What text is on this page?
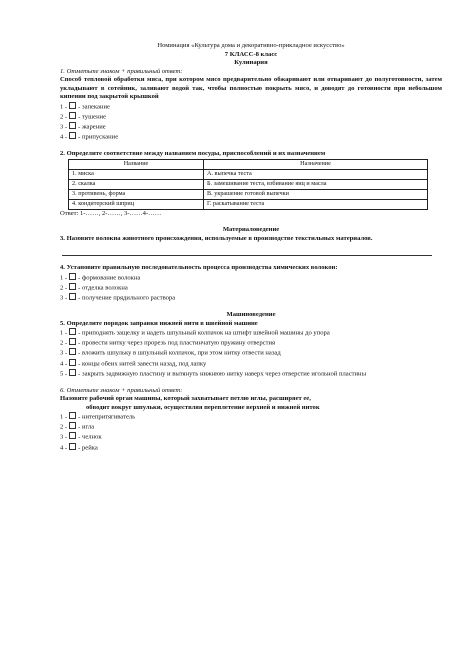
Номинация «Культура дома и декоративно-прикладное искусство»

7 КЛАСС-8 класс

Кулинария

1. Отметьте знаком + правильный ответ:

Способ тепловой обработки мяса, при котором мясо предварительно обжаривают или отваривают до полуготовности, затем укладывают в сотейник, заливают водой так, чтобы полностью покрыть мясо, и доводят до готовности при небольшом кипении под закрытой крышкой

1 - - запекание

2 - - тушение

3 - - жарение

4 - - припускание

2. Определите соответствие между названием посуды, приспособлений и их назначением

Название	Назначение
1. миска	А. выпечка теста
2. скалка	Б. замешивание теста, взбивание яиц и масла
3. противень, форма	В. украшение готовой выпечки
4. кондитерский шприц	Г. раскатывание теста

Ответ: 1-……, 2-……, 3-……4-……

Материаловедение

3. Назовите волокна животного происхождения, используемые в производстве текстильных материалов.

4. Установите правильную последовательность процесса производства химических волокон:

1 - - формование волокна

2 - - отделка волокна

3 - - получение прядильного раствора

Машиноведение

5. Определите порядок заправки нижней нити в швейной машине

1 - - приподнять защелку и надеть шпульный колпачок на штифт швейной машины до упора

2 - - провести нитку через прорезь под пластинчатую пружину отверстия

3 - - вложить шпульку в шпульный колпачок, при этом нитку отвести назад

4 - - концы обеих нитей завести назад, под лапку

5 - - закрыть задвижную пластину и вытянуть нижнюю нитку наверх через отверстие игольной пластины

6. Отметьте знаком + правильный ответ:

Назовите рабочий орган машины, который захватывает петлю иглы, расширяет ее,

обводит вокруг шпульки, осуществляя переплетение верхней и нижней ниток

1 - - нитепритягиватель

2 - - игла

3 - - челнок

4 - - рейка
